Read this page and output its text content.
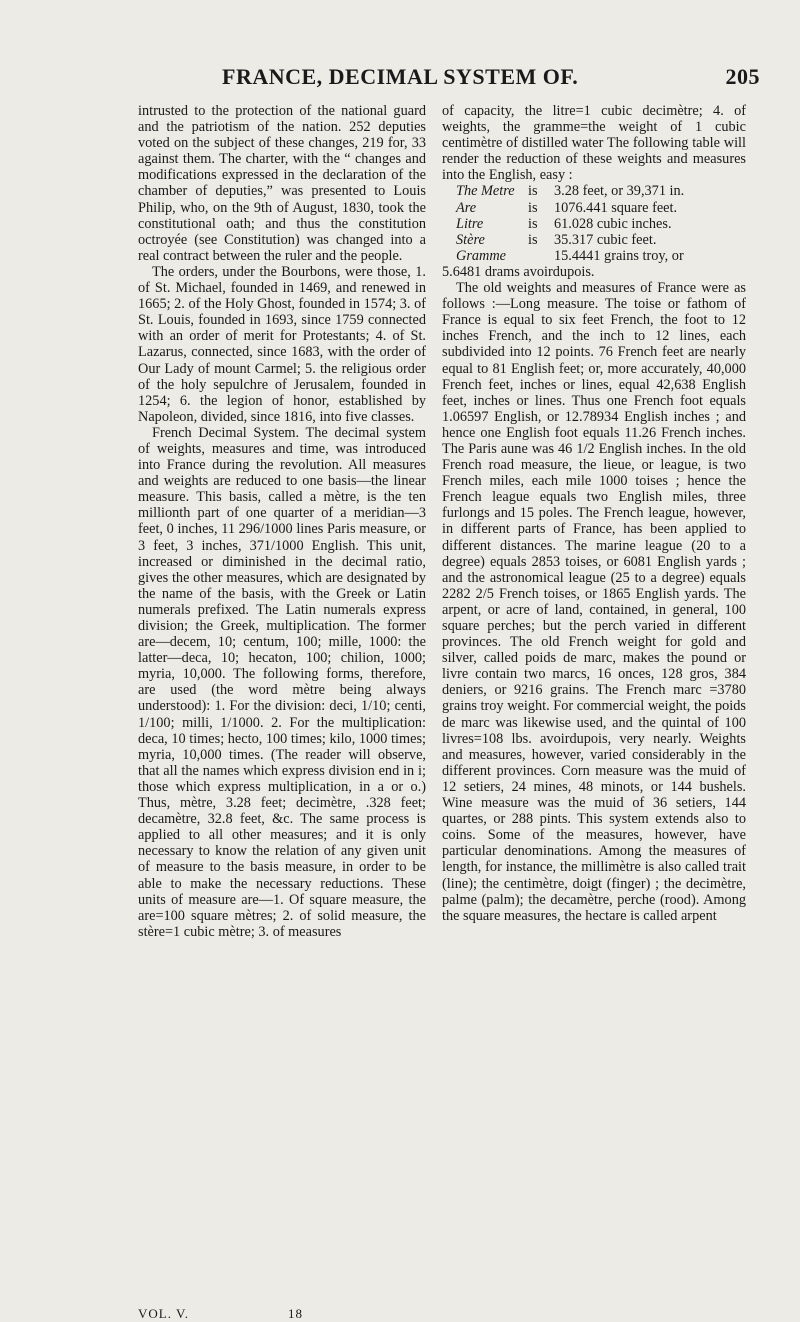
FRANCE, DECIMAL SYSTEM OF.	205

intrusted to the protection of the national guard and the patriotism of the nation. 252 deputies voted on the subject of these changes, 219 for, 33 against them. The charter, with the “ changes and modifications expressed in the declaration of the chamber of deputies,” was presented to Louis Philip, who, on the 9th of August, 1830, took the constitutional oath; and thus the constitution octroyée (see Constitution) was changed into a real contract between the ruler and the people.

The orders, under the Bourbons, were those, 1. of St. Michael, founded in 1469, and renewed in 1665; 2. of the Holy Ghost, founded in 1574; 3. of St. Louis, founded in 1693, since 1759 connected with an order of merit for Protestants; 4. of St. Lazarus, connected, since 1683, with the order of Our Lady of mount Carmel; 5. the religious order of the holy sepulchre of Jerusalem, founded in 1254; 6. the legion of honor, established by Napoleon, divided, since 1816, into five classes.

French Decimal System. The decimal system of weights, measures and time, was introduced into France during the revolution. All measures and weights are reduced to one basis—the linear measure. This basis, called a mètre, is the ten millionth part of one quarter of a meridian—3 feet, 0 inches, 11 296/1000 lines Paris measure, or 3 feet, 3 inches, 371/1000 English. This unit, increased or diminished in the decimal ratio, gives the other measures, which are designated by the name of the basis, with the Greek or Latin numerals prefixed. The Latin numerals express division; the Greek, multiplication. The former are—decem, 10; centum, 100; mille, 1000: the latter—deca, 10; hecaton, 100; chilion, 1000; myria, 10,000. The following forms, therefore, are used (the word mètre being always understood): 1. For the division: deci, 1/10; centi, 1/100; milli, 1/1000. 2. For the multiplication: deca, 10 times; hecto, 100 times; kilo, 1000 times; myria, 10,000 times. (The reader will observe, that all the names which express division end in i; those which express multiplication, in a or o.) Thus, mètre, 3.28 feet; decimètre, .328 feet; decamètre, 32.8 feet, &c. The same process is applied to all other measures; and it is only necessary to know the relation of any given unit of measure to the basis measure, in order to be able to make the necessary reductions. These units of measure are—1. Of square measure, the are=100 square mètres; 2. of solid measure, the stère=1 cubic mètre; 3. of measures

of capacity, the litre=1 cubic decimètre; 4. of weights, the gramme=the weight of 1 cubic centimètre of distilled water The following table will render the reduction of these weights and measures into the English, easy :

The Metre is	3.28 feet, or 39,371 in.
Are	is	1076.441 square feet.
Litre	is	61.028 cubic inches.
Stère	is	35.317 cubic feet.
Gramme	15.4441 grains troy, or

5.6481 drams avoirdupois.

The old weights and measures of France were as follows :—Long measure. The toise or fathom of France is equal to six feet French, the foot to 12 inches French, and the inch to 12 lines, each subdivided into 12 points. 76 French feet are nearly equal to 81 English feet; or, more accurately, 40,000 French feet, inches or lines, equal 42,638 English feet, inches or lines. Thus one French foot equals 1.06597 English, or 12.78934 English inches ; and hence one English foot equals 11.26 French inches. The Paris aune was 46 1/2 English inches. In the old French road measure, the lieue, or league, is two French miles, each mile 1000 toises ; hence the French league equals two English miles, three furlongs and 15 poles. The French league, however, in different parts of France, has been applied to different distances. The marine league (20 to a degree) equals 2853 toises, or 6081 English yards ; and the astronomical league (25 to a degree) equals 2282 2/5 French toises, or 1865 English yards. The arpent, or acre of land, contained, in general, 100 square perches; but the perch varied in different provinces. The old French weight for gold and silver, called poids de marc, makes the pound or livre contain two marcs, 16 onces, 128 gros, 384 deniers, or 9216 grains. The French marc =3780 grains troy weight. For commercial weight, the poids de marc was likewise used, and the quintal of 100 livres=108 lbs. avoirdupois, very nearly. Weights and measures, however, varied considerably in the different provinces. Corn measure was the muid of 12 setiers, 24 mines, 48 minots, or 144 bushels. Wine measure was the muid of 36 setiers, 144 quartes, or 288 pints. This system extends also to coins. Some of the measures, however, have particular denominations. Among the measures of length, for instance, the millimètre is also called trait (line); the centimètre, doigt (finger) ; the decimètre, palme (palm); the decamètre, perche (rood). Among the square measures, the hectare is called arpent

VOL. V.	18
